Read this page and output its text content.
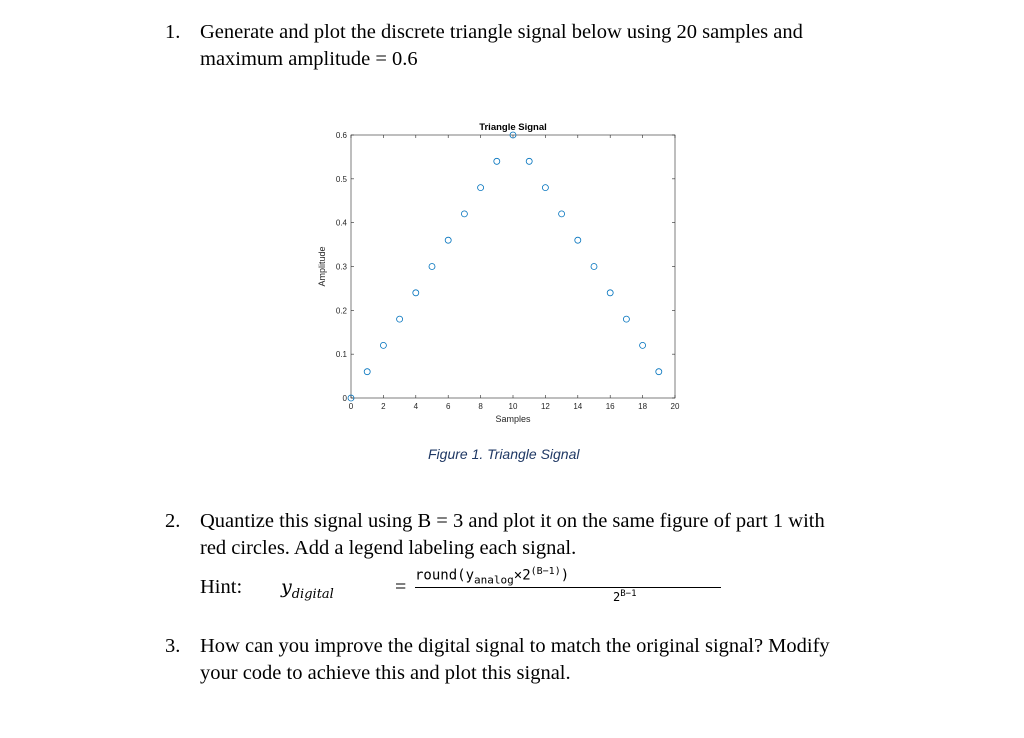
1. Generate and plot the discrete triangle signal below using 20 samples and
maximum amplitude = 0.6
0	2	4	6	8	10	12	14	16	18	20
0
0.1
0.2
0.3
0.4
0.5
0.6
Triangle Signal
Samples
Amplitude
Figure 1. Triangle Signal
2. Quantize this signal using B = 3 and plot it on the same figure of part 1 with
red circles. Add a legend labeling each signal.
Hint: $y_{digital}$	=
$round(y_{analog}\times 2^{(B-1)})$
$2^{B-1}$
3. How can you improve the digital signal to match the original signal? Modify
your code to achieve this and plot this signal.
